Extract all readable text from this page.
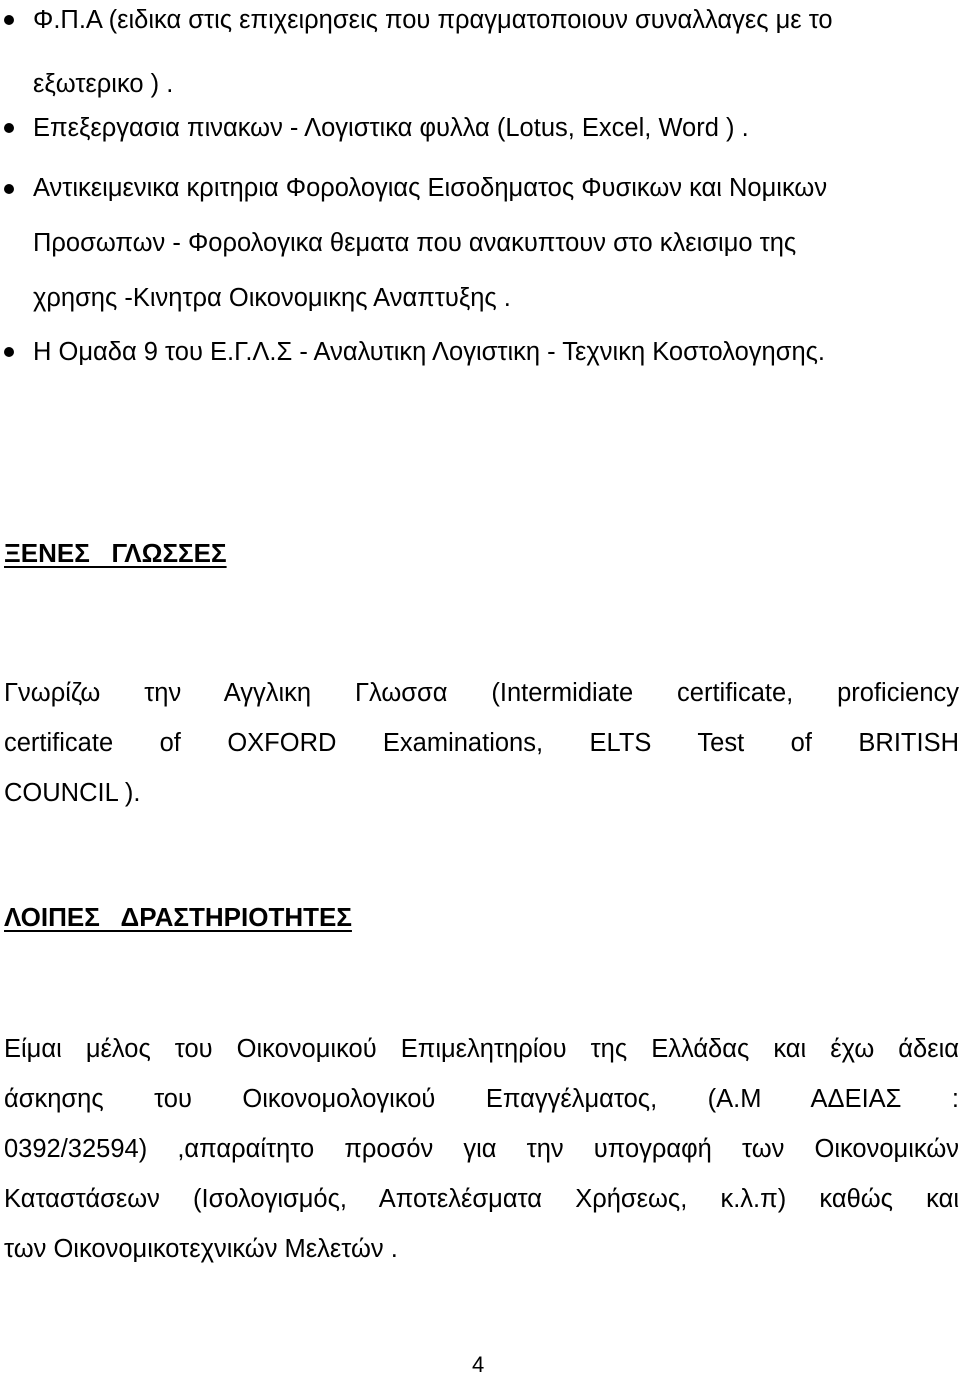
Φ.Π.Α (ειδικα στις επιχειρησεις που πραγματοποιουν συναλλαγες με το
εξωτερικο ) .
Επεξεργασια πινακων - Λογιστικα φυλλα (Lotus, Excel, Word ) .
Αντικειμενικα κριτηρια Φορολογιας Εισοδηματος Φυσικων και Νομικων
Προσωπων - Φορολογικα θεματα που ανακυπτουν στο κλεισιμο της
χρησης -Κινητρα Οικονομικης Αναπτυξης .
Η Ομαδα 9 του Ε.Γ.Λ.Σ - Αναλυτικη Λογιστικη - Τεχνικη Κοστολογησης.
ΞΕΝΕΣ   ΓΛΩΣΣΕΣ
Γνωρίζω την Αγγλικη Γλωσσα (Intermidiate certificate, proficiency
certificate of OXFORD Examinations, ELTS Test of BRITISH
COUNCIL ).
ΛΟΙΠΕΣ   ΔΡΑΣΤΗΡΙΟΤΗΤΕΣ
Είμαι μέλος του Οικονομικού Επιμελητηρίου της Ελλάδας και έχω άδεια
άσκησης του Οικονομολογικού Επαγγέλματος, (Α.Μ ΑΔΕΙΑΣ :
0392/32594) ,απαραίτητο προσόν για την υπογραφή των Οικονομικών
Καταστάσεων (Ισολογισμός, Αποτελέσματα Χρήσεως, κ.λ.π) καθώς και
των Οικονομικοτεχνικών Μελετών .
4
